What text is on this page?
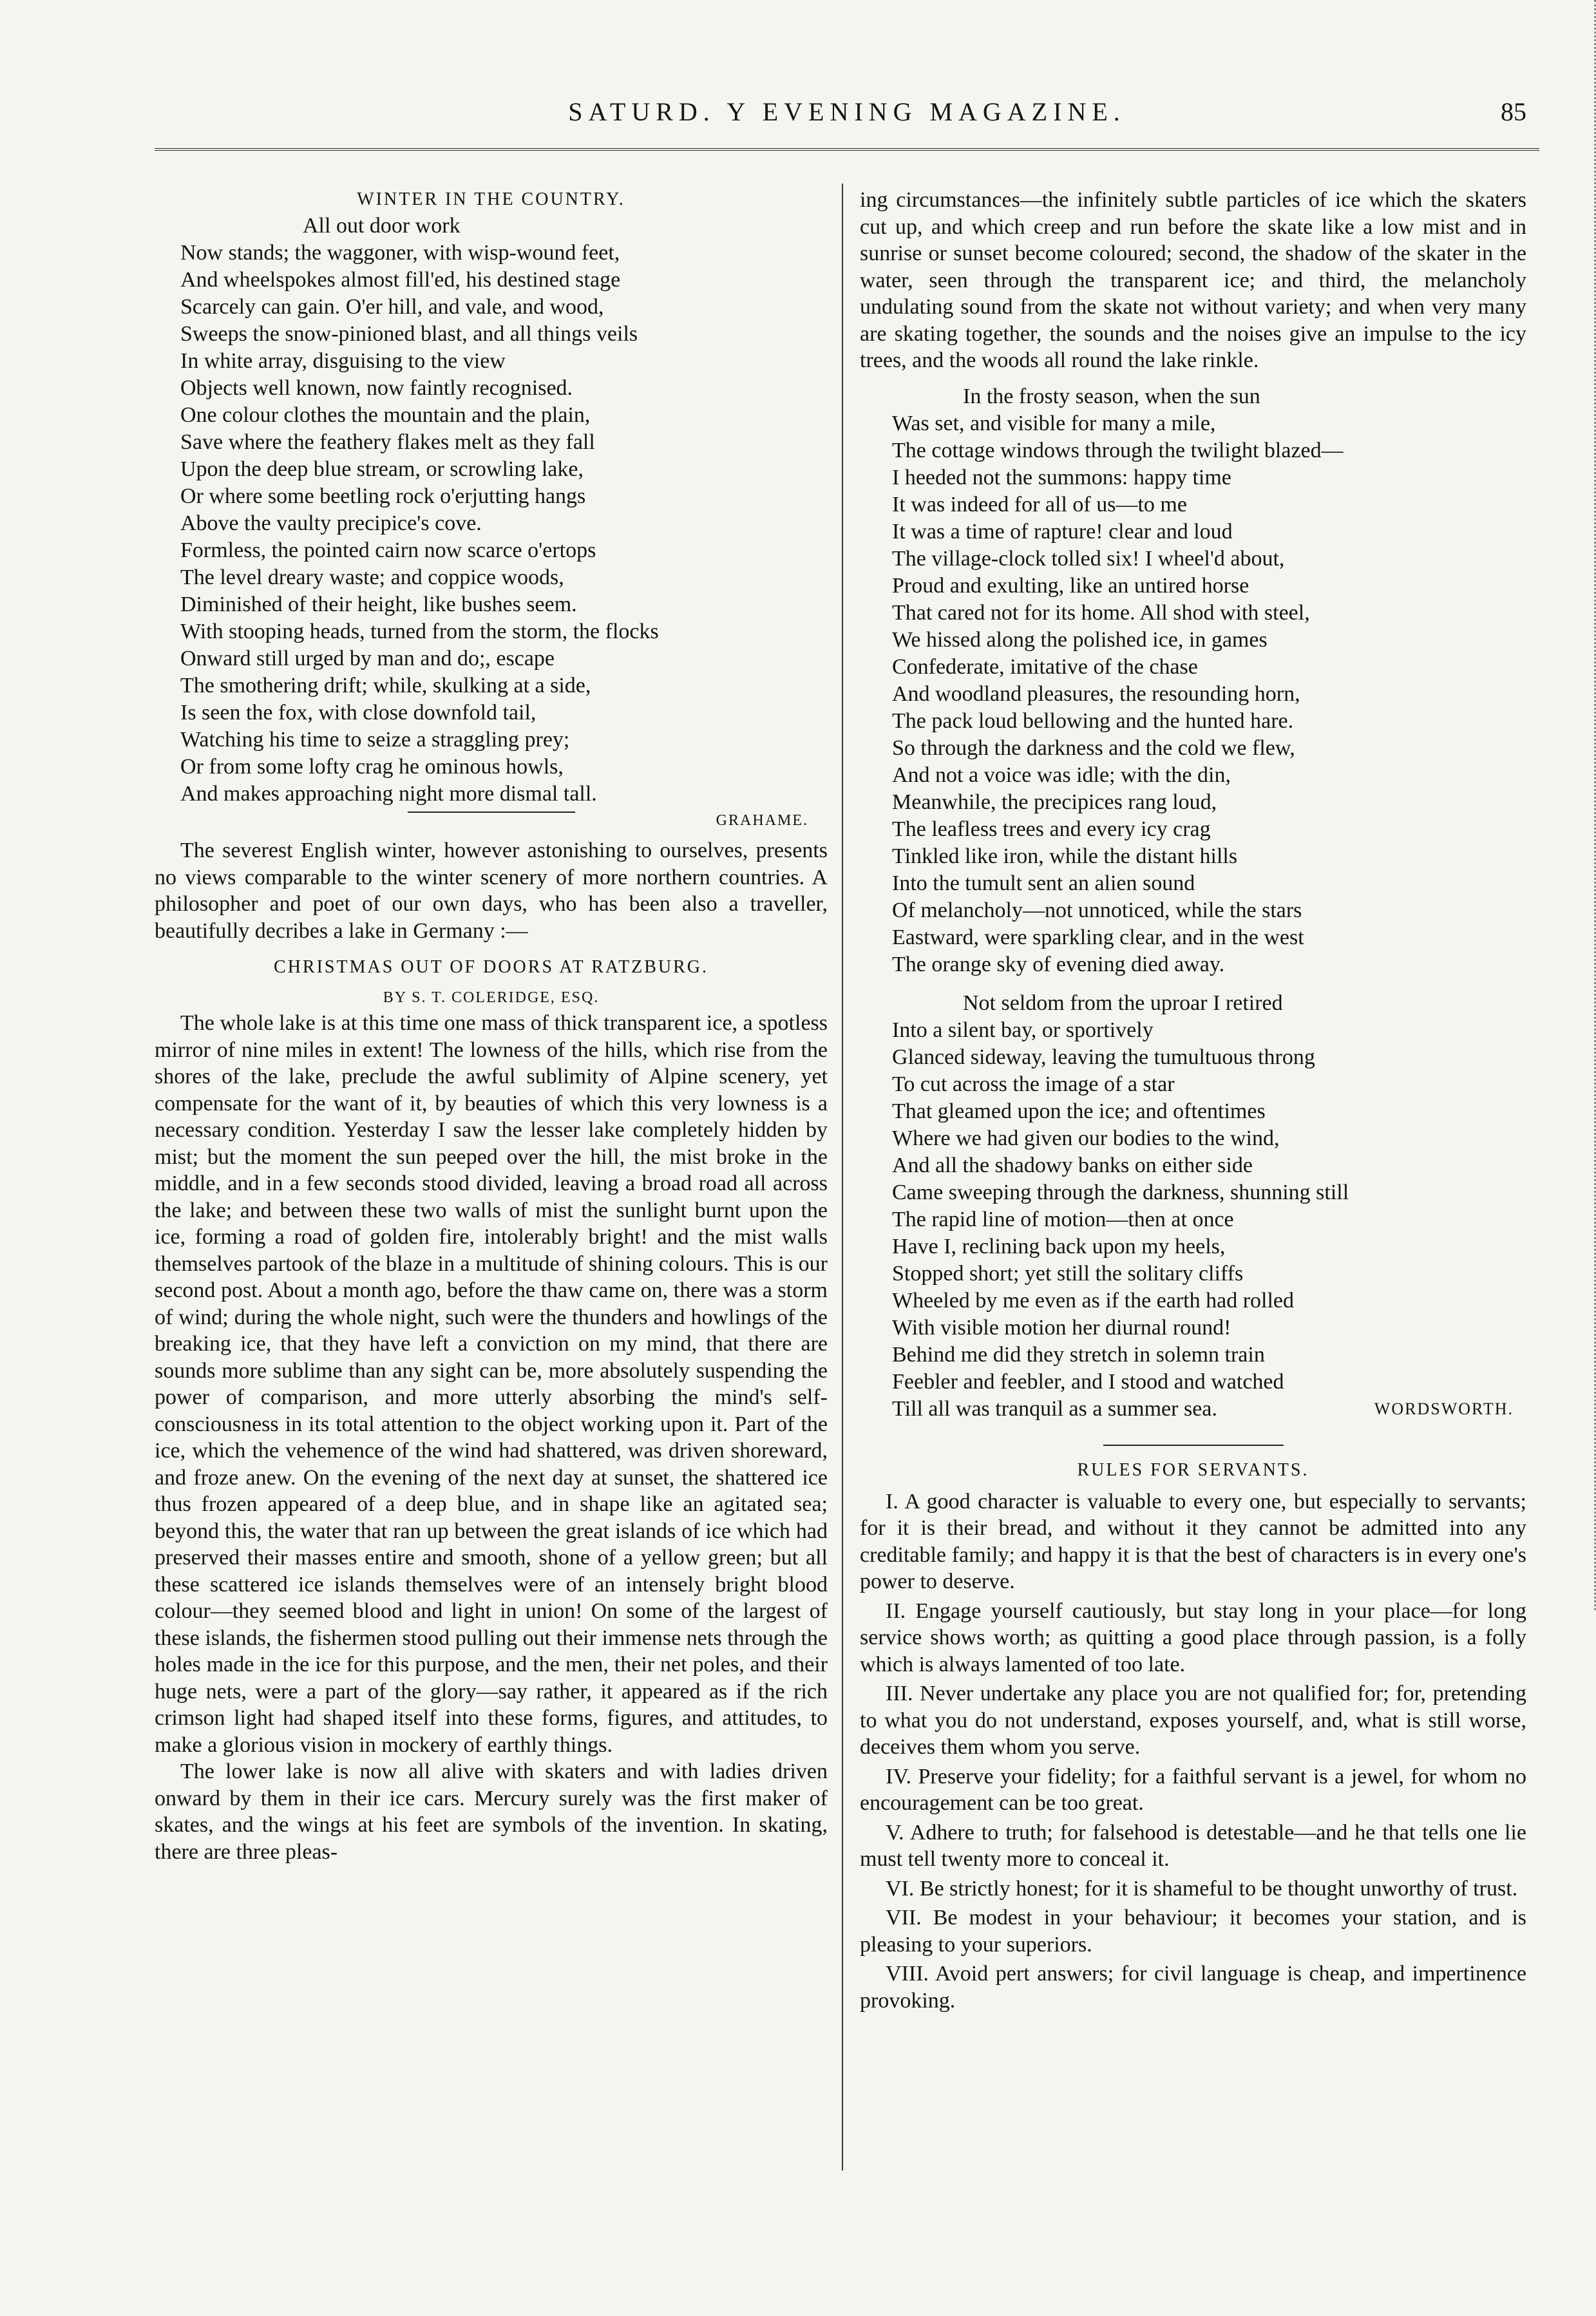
SATURD. Y EVENING MAGAZINE.	85
WINTER IN THE COUNTRY.
All out door work
Now stands; the waggoner, with wisp-wound feet,
And wheelspokes almost fill'ed, his destined stage
Scarcely can gain. O'er hill, and vale, and wood,
Sweeps the snow-pinioned blast, and all things veils
In white array, disguising to the view
Objects well known, now faintly recognised.
One colour clothes the mountain and the plain,
Save where the feathery flakes melt as they fall
Upon the deep blue stream, or scrowling lake,
Or where some beetling rock o'erjutting hangs
Above the vaulty precipice's cove.
Formless, the pointed cairn now scarce o'ertops
The level dreary waste; and coppice woods,
Diminished of their height, like bushes seem.
With stooping heads, turned from the storm, the flocks
Onward still urged by man and do;, escape
The smothering drift; while, skulking at a side,
Is seen the fox, with close downfold tail,
Watching his time to seize a straggling prey;
Or from some lofty crag he ominous howls,
And makes approaching night more dismal tall.
GRAHAME.

The severest English winter, however astonishing to ourselves, presents no views comparable to the winter scenery of more northern countries. A philosopher and poet of our own days, who has been also a traveller, beautifully decribes a lake in Germany :—

CHRISTMAS OUT OF DOORS AT RATZBURG.
BY S. T. COLERIDGE, ESQ.

The whole lake is at this time one mass of thick transparent ice, a spotless mirror of nine miles in extent! The lowness of the hills, which rise from the shores of the lake, preclude the awful sublimity of Alpine scenery, yet compensate for the want of it, by beauties of which this very lowness is a necessary condition. Yesterday I saw the lesser lake completely hidden by mist; but the moment the sun peeped over the hill, the mist broke in the middle, and in a few seconds stood divided, leaving a broad road all across the lake; and between these two walls of mist the sunlight burnt upon the ice, forming a road of golden fire, intolerably bright! and the mist walls themselves partook of the blaze in a multitude of shining colours. This is our second post. About a month ago, before the thaw came on, there was a storm of wind; during the whole night, such were the thunders and howlings of the breaking ice, that they have left a conviction on my mind, that there are sounds more sublime than any sight can be, more absolutely suspending the power of comparison, and more utterly absorbing the mind's self-consciousness in its total attention to the object working upon it. Part of the ice, which the vehemence of the wind had shattered, was driven shoreward, and froze anew. On the evening of the next day at sunset, the shattered ice thus frozen appeared of a deep blue, and in shape like an agitated sea; beyond this, the water that ran up between the great islands of ice which had preserved their masses entire and smooth, shone of a yellow green; but all these scattered ice islands themselves were of an intensely bright blood colour—they seemed blood and light in union! On some of the largest of these islands, the fishermen stood pulling out their immense nets through the holes made in the ice for this purpose, and the men, their net poles, and their huge nets, were a part of the glory—say rather, it appeared as if the rich crimson light had shaped itself into these forms, figures, and attitudes, to make a glorious vision in mockery of earthly things.

The lower lake is now all alive with skaters and with ladies driven onward by them in their ice cars. Mercury surely was the first maker of skates, and the wings at his feet are symbols of the invention. In skating, there are three pleas-

ing circumstances—the infinitely subtle particles of ice which the skaters cut up, and which creep and run before the skate like a low mist and in sunrise or sunset become coloured; second, the shadow of the skater in the water, seen through the transparent ice; and third, the melancholy undulating sound from the skate not without variety; and when very many are skating together, the sounds and the noises give an impulse to the icy trees, and the woods all round the lake rinkle.

In the frosty season, when the sun
Was set, and visible for many a mile,
The cottage windows through the twilight blazed—
I heeded not the summons: happy time
It was indeed for all of us—to me
It was a time of rapture! clear and loud
The village-clock tolled six! I wheel'd about,
Proud and exulting, like an untired horse
That cared not for its home. All shod with steel,
We hissed along the polished ice, in games
Confederate, imitative of the chase
And woodland pleasures, the resounding horn,
The pack loud bellowing and the hunted hare.
So through the darkness and the cold we flew,
And not a voice was idle; with the din,
Meanwhile, the precipices rang loud,
The leafless trees and every icy crag
Tinkled like iron, while the distant hills
Into the tumult sent an alien sound
Of melancholy—not unnoticed, while the stars
Eastward, were sparkling clear, and in the west
The orange sky of evening died away.
Not seldom from the uproar I retired
Into a silent bay, or sportively
Glanced sideway, leaving the tumultuous throng
To cut across the image of a star
That gleamed upon the ice; and oftentimes
Where we had given our bodies to the wind,
And all the shadowy banks on either side
Came sweeping through the darkness, shunning still
The rapid line of motion—then at once
Have I, reclining back upon my heels,
Stopped short; yet still the solitary cliffs
Wheeled by me even as if the earth had rolled
With visible motion her diurnal round!
Behind me did they stretch in solemn train
Feebler and feebler, and I stood and watched
Till all was tranquil as a summer sea.	WORDSWORTH.
RULES FOR SERVANTS.

I. A good character is valuable to every one, but especially to servants; for it is their bread, and without it they cannot be admitted into any creditable family; and happy it is that the best of characters is in every one's power to deserve.

II. Engage yourself cautiously, but stay long in your place—for long service shows worth; as quitting a good place through passion, is a folly which is always lamented of too late.

III. Never undertake any place you are not qualified for; for, pretending to what you do not understand, exposes yourself, and, what is still worse, deceives them whom you serve.

IV. Preserve your fidelity; for a faithful servant is a jewel, for whom no encouragement can be too great.

V. Adhere to truth; for falsehood is detestable—and he that tells one lie must tell twenty more to conceal it.

VI. Be strictly honest; for it is shameful to be thought unworthy of trust.

VII. Be modest in your behaviour; it becomes your station, and is pleasing to your superiors.

VIII. Avoid pert answers; for civil language is cheap, and impertinence provoking.
